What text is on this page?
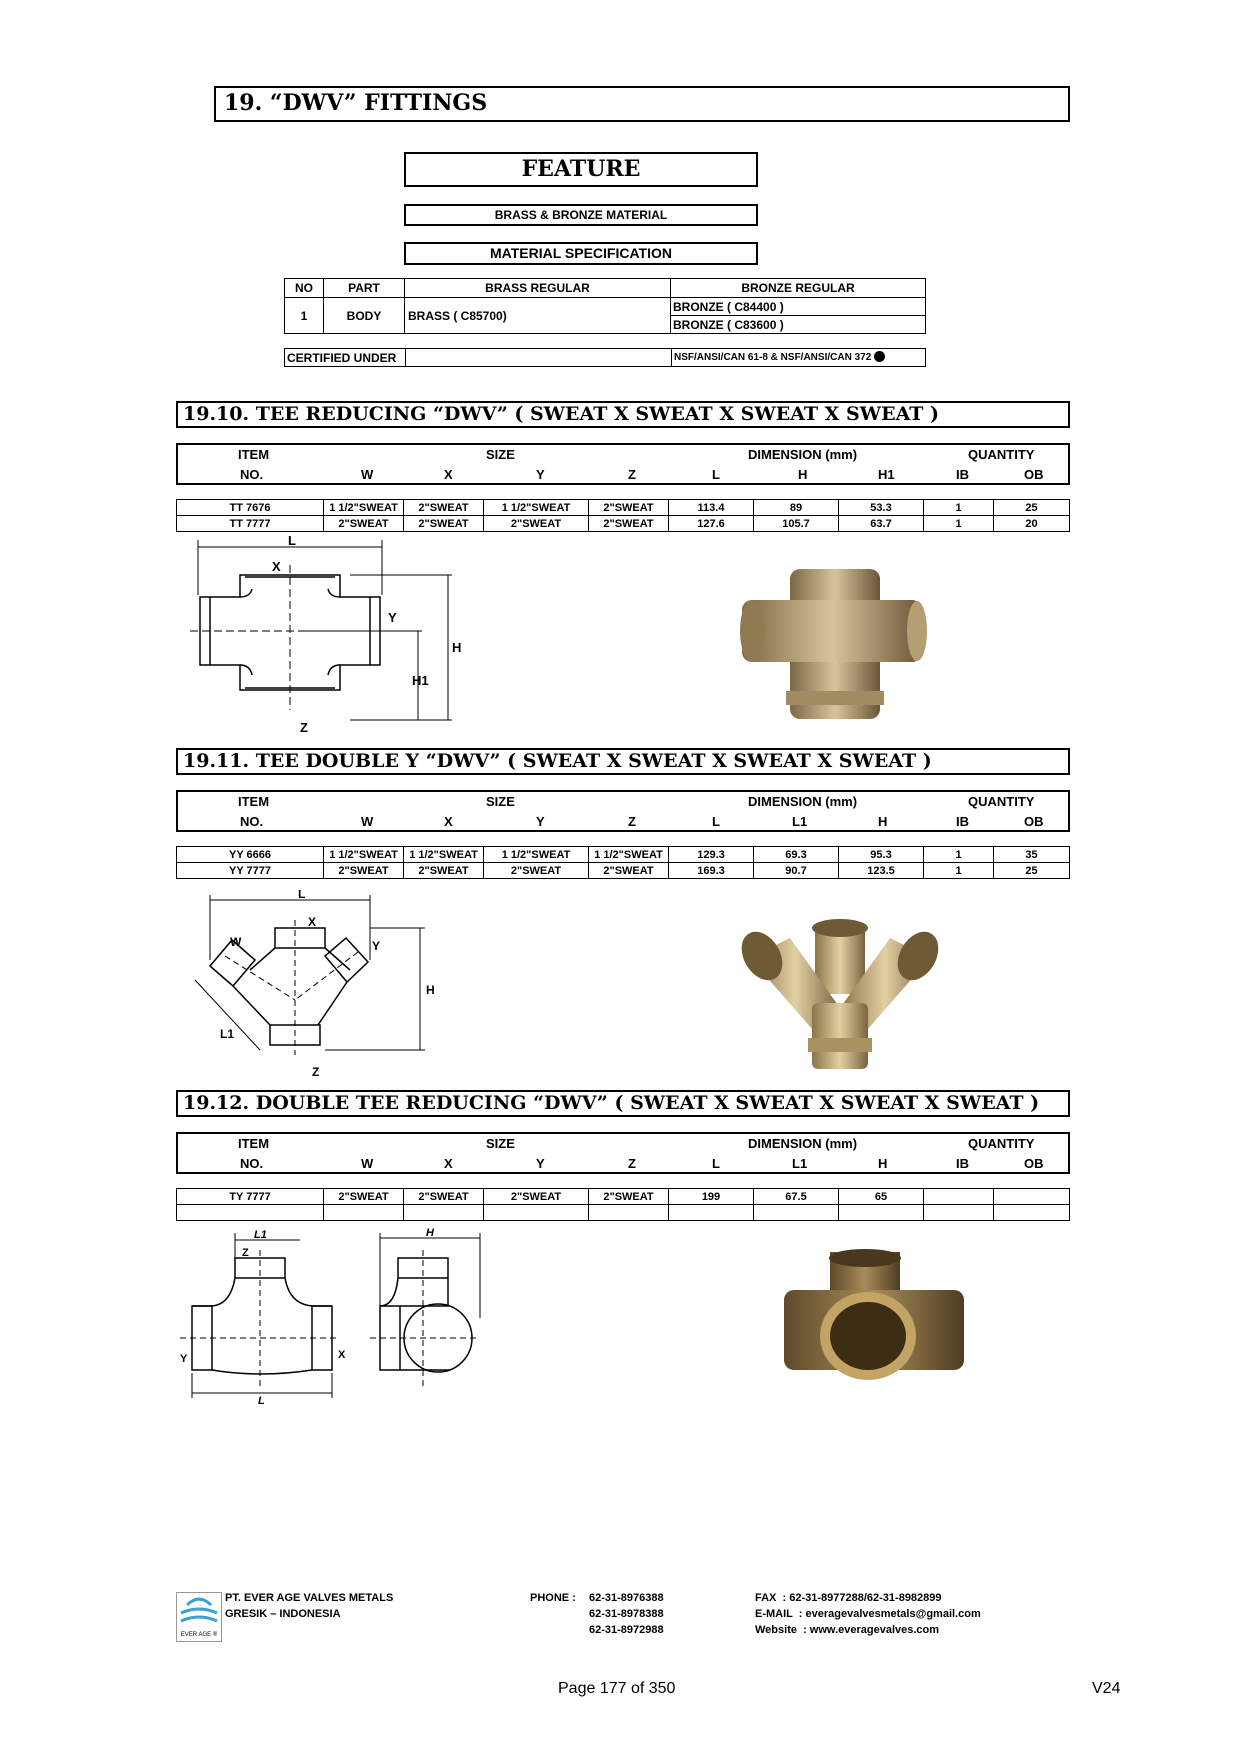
19. “DWV” FITTINGS
FEATURE
BRASS & BRONZE MATERIAL
MATERIAL SPECIFICATION
NO	PART	BRASS REGULAR	BRONZE REGULAR
1	BODY	BRASS ( C85700)	BRONZE ( C84400 )
			BRONZE ( C83600 )
CERTIFIED UNDER		NSF/ANSI/CAN 61-8 & NSF/ANSI/CAN 372
19.10. TEE REDUCING “DWV” ( SWEAT X SWEAT X SWEAT X SWEAT )
ITEM
NO.
SIZE	DIMENSION (mm)	QUANTITY
W	X	Y	Z	L	H	H1	IB	OB
TT 7676	1 1/2"SWEAT	2"SWEAT	1 1/2"SWEAT	2"SWEAT	113.4	89	53.3	1	25
TT 7777	2"SWEAT	2"SWEAT	2"SWEAT	2"SWEAT	127.6	105.7	63.7	1	20
L
X
Y
H
H1
Z
19.11. TEE DOUBLE Y “DWV” ( SWEAT X SWEAT X SWEAT X SWEAT )
ITEM
NO.
SIZE	DIMENSION (mm)	QUANTITY
W	X	Y	Z	L	L1	H	IB	OB
YY 6666	1 1/2"SWEAT	1 1/2"SWEAT	1 1/2"SWEAT	1 1/2"SWEAT	129.3	69.3	95.3	1	35
YY 7777	2"SWEAT	2"SWEAT	2"SWEAT	2"SWEAT	169.3	90.7	123.5	1	25
L
X
W	Y
H
L1
Z
19.12. DOUBLE TEE REDUCING “DWV” ( SWEAT X SWEAT X SWEAT X SWEAT )
ITEM
NO.
SIZE	DIMENSION (mm)	QUANTITY
W	X	Y	Z	L	L1	H	IB	OB
TY 7777	2"SWEAT	2"SWEAT	2"SWEAT	2"SWEAT	199	67.5	65		

L1
Z
Y	X
L
H
EVER AGE ®
PT. EVER AGE VALVES METALS
GRESIK – INDONESIA
PHONE : 62-31-8976388
62-31-8978388
62-31-8972988
FAX  : 62-31-8977288/62-31-8982899
E-MAIL  : everagevalvesmetals@gmail.com
Website  : www.everagevalves.com
Page 177 of 350	V24
